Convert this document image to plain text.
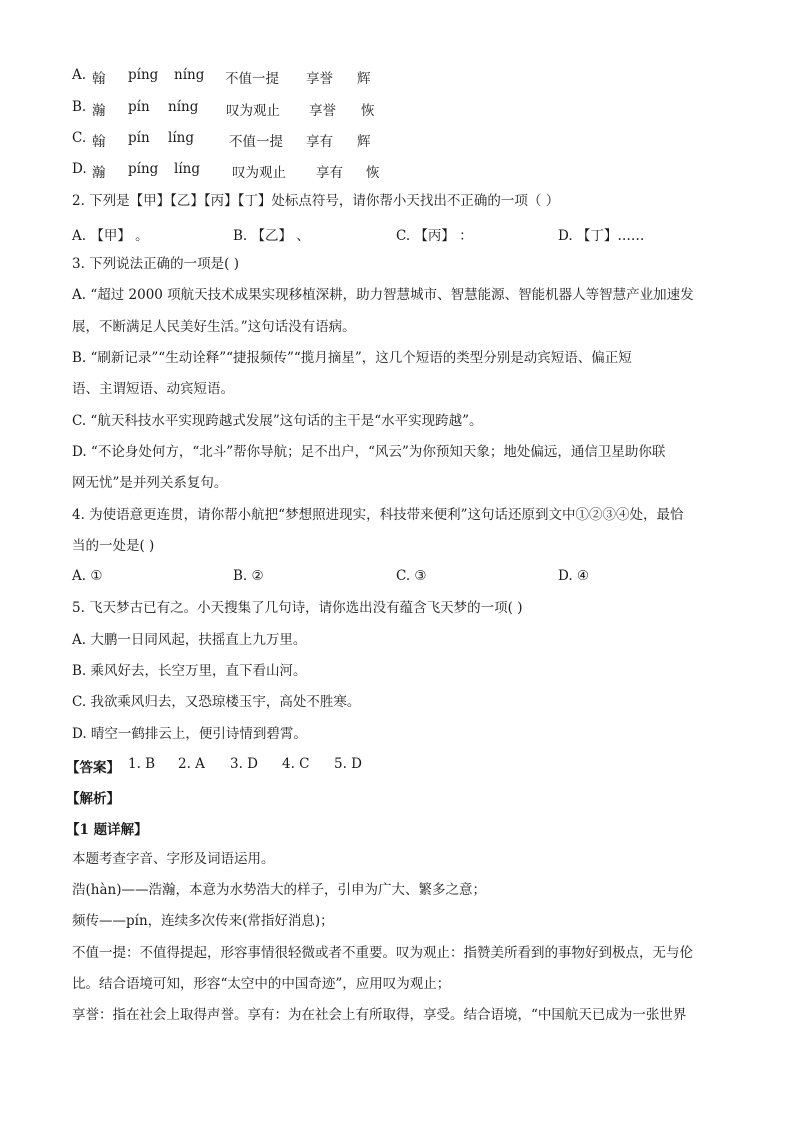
A. 翰 píng níng 不值一提 享誉 辉
B. 瀚 pín níng 叹为观止 享誉 恢
C. 翰 pín líng	不值一提 享有 辉
D. 瀚 píng líng 叹为观止 享有 恢
2. 下列是【甲】【乙】【丙】【丁】处标点符号，请你帮小天找出不正确的一项（ ）
A. 【甲】 。	B. 【乙】 、	C. 【丙】 ：	D. 【丁】……
3. 下列说法正确的一项是( )
A. “超过 2000 项航天技术成果实现移植深耕，助力智慧城市、智慧能源、智能机器人等智慧产业加速发
展，不断满足人民美好生活。”这句话没有语病。
B. “刷新记录”“生动诠释”“捷报频传”“揽月摘星”，这几个短语的类型分别是动宾短语、偏正短
语、主谓短语、动宾短语。
C. “航天科技水平实现跨越式发展”这句话的主干是“水平实现跨越”。
D. “不论身处何方，“北斗”帮你导航；足不出户，“风云”为你预知天象；地处偏远，通信卫星助你联
网无忧”是并列关系复句。
4. 为使语意更连贯，请你帮小航把“梦想照进现实，科技带来便利”这句话还原到文中①②③④处，最恰
当的一处是( )
A. ①	B. ②	C. ③	D. ④
5. 飞天梦古已有之。小天搜集了几句诗，请你选出没有蕴含飞天梦的一项( )
A. 大鹏一日同风起，扶摇直上九万里。
B. 乘风好去，长空万里，直下看山河。
C. 我欲乘风归去，又恐琼楼玉宇，高处不胜寒。
D. 晴空一鹤排云上，便引诗情到碧霄。
【答案】 1. B 2. A 3. D 4. C 5. D
【解析】
【1 题详解】
本题考查字音、字形及词语运用。
浩(hàn)——浩瀚，本意为水势浩大的样子，引申为广大、繁多之意；
频传——pín，连续多次传来(常指好消息)；
不值一提：不值得提起，形容事情很轻微或者不重要。叹为观止：指赞美所看到的事物好到极点，无与伦
比。结合语境可知，形容“太空中的中国奇迹”，应用叹为观止；
享誉：指在社会上取得声誉。享有：为在社会上有所取得，享受。结合语境，“中国航天已成为一张世界
